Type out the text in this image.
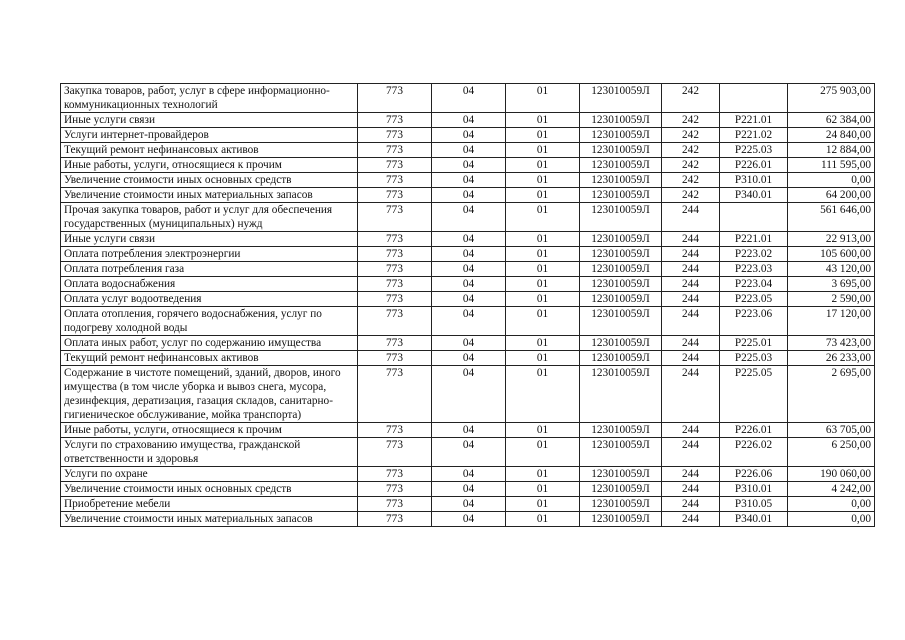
Закупка товаров, работ, услуг в сфере информационно-коммуникационных технологий	773	04	01	123010059Л	242		275 903,00
Иные услуги связи	773	04	01	123010059Л	242	Р221.01	62 384,00
Услуги интернет-провайдеров	773	04	01	123010059Л	242	Р221.02	24 840,00
Текущий ремонт нефинансовых активов	773	04	01	123010059Л	242	Р225.03	12 884,00
Иные работы, услуги, относящиеся к прочим	773	04	01	123010059Л	242	Р226.01	111 595,00
Увеличение стоимости иных основных средств	773	04	01	123010059Л	242	Р310.01	0,00
Увеличение стоимости иных материальных запасов	773	04	01	123010059Л	242	Р340.01	64 200,00
Прочая закупка товаров, работ и услуг для обеспечения государственных (муниципальных) нужд	773	04	01	123010059Л	244		561 646,00
Иные услуги связи	773	04	01	123010059Л	244	Р221.01	22 913,00
Оплата потребления электроэнергии	773	04	01	123010059Л	244	Р223.02	105 600,00
Оплата потребления газа	773	04	01	123010059Л	244	Р223.03	43 120,00
Оплата водоснабжения	773	04	01	123010059Л	244	Р223.04	3 695,00
Оплата услуг водоотведения	773	04	01	123010059Л	244	Р223.05	2 590,00
Оплата отопления, горячего водоснабжения, услуг по подогреву холодной воды	773	04	01	123010059Л	244	Р223.06	17 120,00
Оплата иных работ, услуг по содержанию имущества	773	04	01	123010059Л	244	Р225.01	73 423,00
Текущий ремонт нефинансовых активов	773	04	01	123010059Л	244	Р225.03	26 233,00
Содержание в чистоте помещений, зданий, дворов, иного имущества (в том числе уборка и вывоз снега, мусора, дезинфекция, дератизация, газация складов, санитарно-гигиеническое обслуживание, мойка транспорта)	773	04	01	123010059Л	244	Р225.05	2 695,00
Иные работы, услуги, относящиеся к прочим	773	04	01	123010059Л	244	Р226.01	63 705,00
Услуги по страхованию имущества, гражданской ответственности и здоровья	773	04	01	123010059Л	244	Р226.02	6 250,00
Услуги по охране	773	04	01	123010059Л	244	Р226.06	190 060,00
Увеличение стоимости иных основных средств	773	04	01	123010059Л	244	Р310.01	4 242,00
Приобретение мебели	773	04	01	123010059Л	244	Р310.05	0,00
Увеличение стоимости иных материальных запасов	773	04	01	123010059Л	244	Р340.01	0,00
